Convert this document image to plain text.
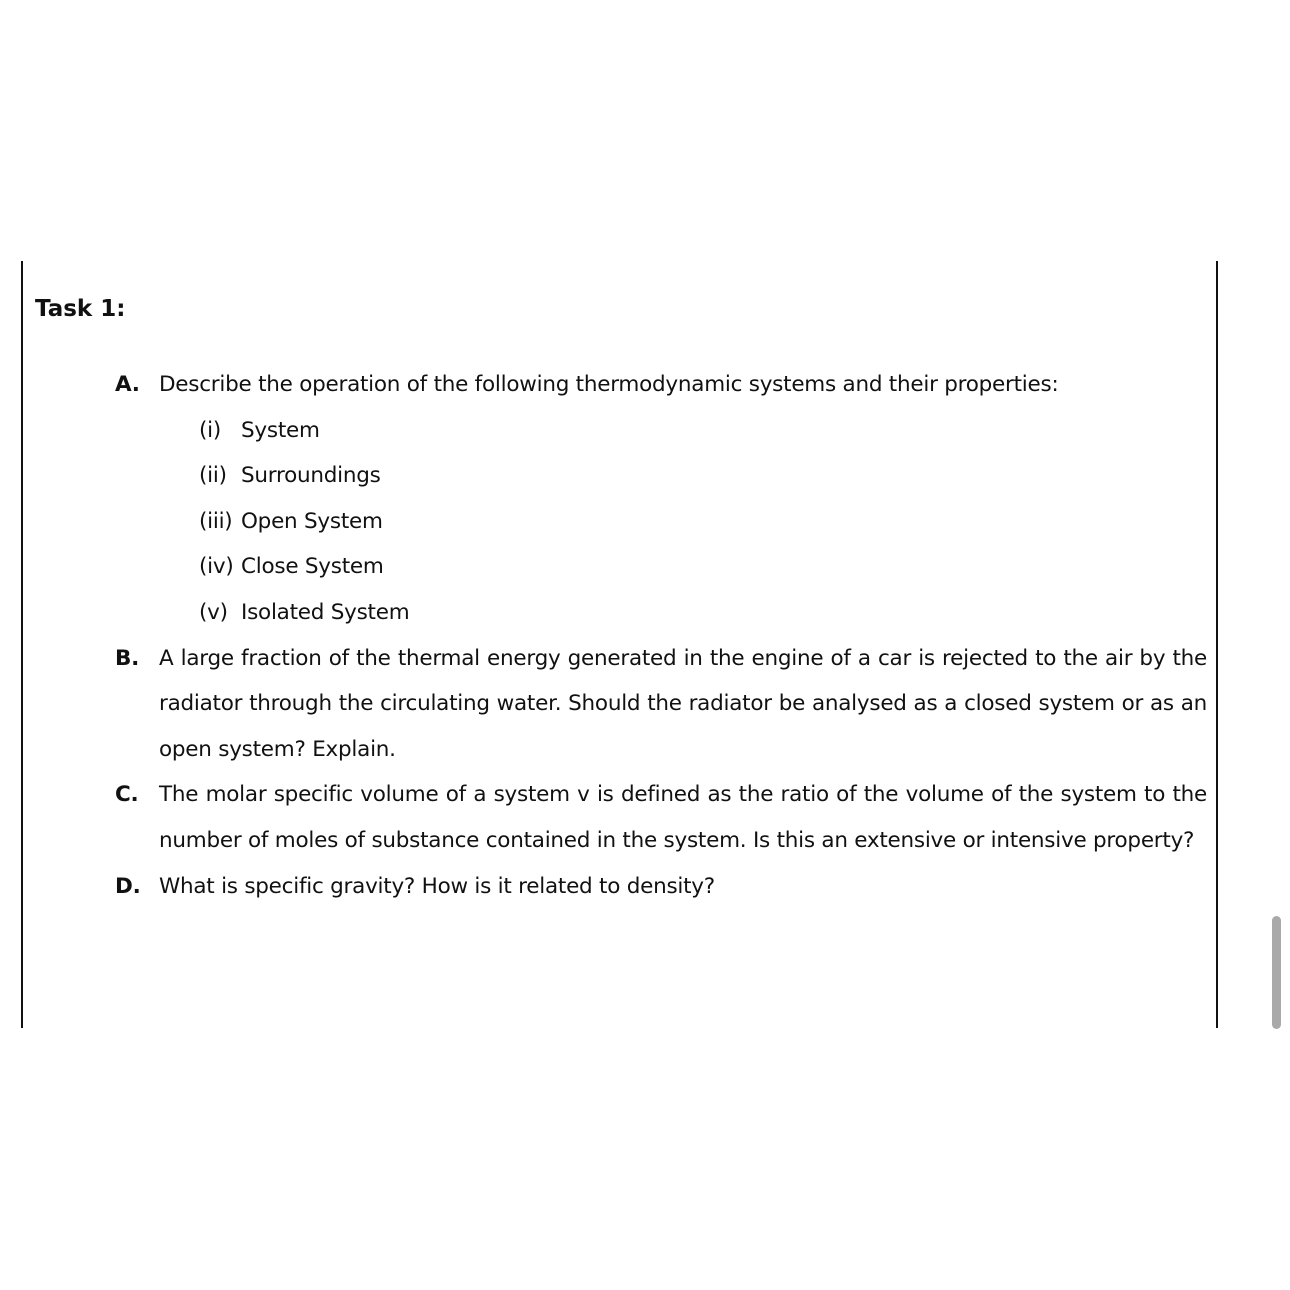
Task 1:
A. Describe the operation of the following thermodynamic systems and their properties:
(i) System
(ii) Surroundings
(iii) Open System
(iv) Close System
(v) Isolated System
B. A large fraction of the thermal energy generated in the engine of a car is rejected to the air by the radiator through the circulating water. Should the radiator be analysed as a closed system or as an open system? Explain.
C. The molar specific volume of a system v is defined as the ratio of the volume of the system to the number of moles of substance contained in the system. Is this an extensive or intensive property?
D. What is specific gravity? How is it related to density?
